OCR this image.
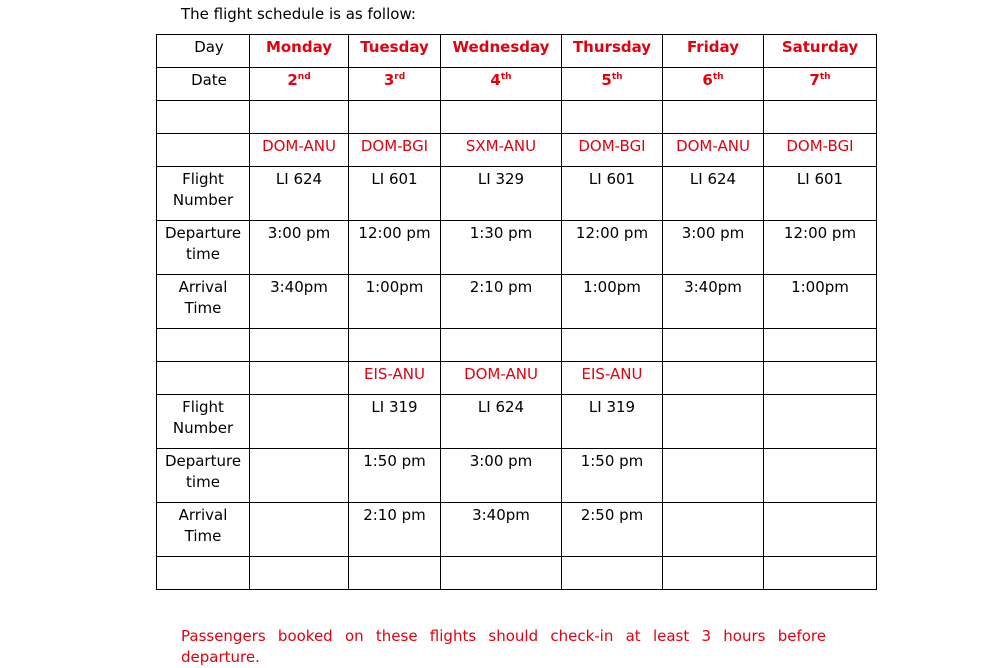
The flight schedule is as follow:
Day	Monday	Tuesday	Wednesday	Thursday	Friday	Saturday

Date	2nd	3rd	4th	5th	6th	7th

	DOM-ANU	DOM-BGI	SXM-ANU	DOM-BGI	DOM-ANU	DOM-BGI

Flight
Number	LI 624	LI 601	LI 329	LI 601	LI 624	LI 601

Departure
time	3:00 pm	12:00 pm	1:30 pm	12:00 pm	3:00 pm	12:00 pm

Arrival
Time	3:40pm	1:00pm	2:10 pm	1:00pm	3:40pm	1:00pm

		EIS-ANU	DOM-ANU	EIS-ANU		

Flight
Number		LI 319	LI 624	LI 319		

Departure
time		1:50 pm	3:00 pm	1:50 pm		

Arrival
Time		2:10 pm	3:40pm	2:50 pm		

Passengers booked on these flights should check-in at least 3 hours before departure.
